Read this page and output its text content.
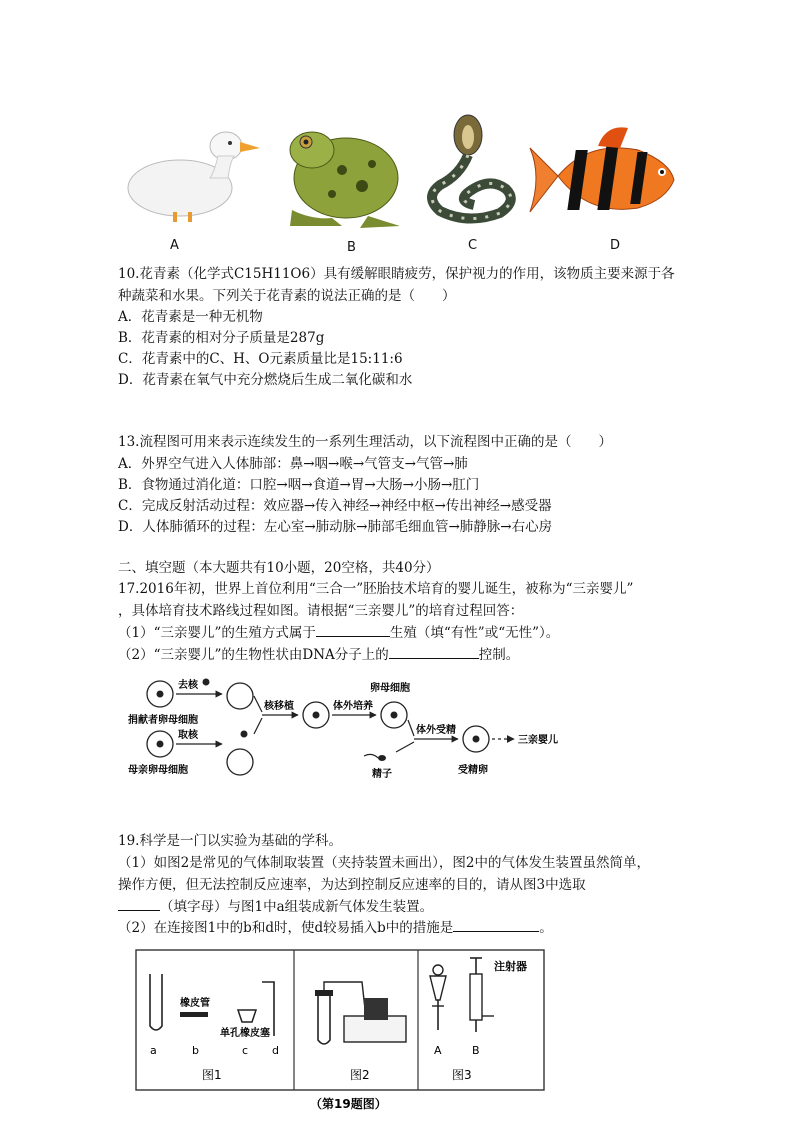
A	B	C	D
10.花青素（化学式C15H11O6）具有缓解眼睛疲劳，保护视力的作用，该物质主要来源于各
种蔬菜和水果。下列关于花青素的说法正确的是（　　）
A．花青素是一种无机物
B．花青素的相对分子质量是287g
C．花青素中的C、H、O元素质量比是15:11:6
D．花青素在氧气中充分燃烧后生成二氧化碳和水
13.流程图可用来表示连续发生的一系列生理活动，以下流程图中正确的是（　　）
A．外界空气进入人体肺部：鼻→咽→喉→气管支→气管→肺
B．食物通过消化道：口腔→咽→食道→胃→大肠→小肠→肛门
C．完成反射活动过程：效应器→传入神经→神经中枢→传出神经→感受器
D．人体肺循环的过程：左心室→肺动脉→肺部毛细血管→肺静脉→右心房
二、填空题（本大题共有10小题，20空格，共40分）
17.2016年初，世界上首位利用“三合一”胚胎技术培育的婴儿诞生，被称为“三亲婴儿”
，具体培育技术路线过程如图。请根据“三亲婴儿”的培育过程回答：
（1）“三亲婴儿”的生殖方式属于	生殖（填“有性”或“无性”）。
（2）“三亲婴儿”的生物性状由DNA分子上的	控制。
去核
捐献者卵母细胞
取核
母亲卵母细胞
核移植	体外培养
卵母细胞
体外受精
精子	受精卵
三亲婴儿
19.科学是一门以实验为基础的学科。
（1）如图2是常见的气体制取装置（夹持装置未画出），图2中的气体发生装置虽然简单，
操作方便，但无法控制反应速率，为达到控制反应速率的目的，请从图3中选取
（填字母）与图1中a组装成新气体发生装置。
（2）在连接图1中的b和d时，使d较易插入b中的措施是	。
橡皮管
单孔橡皮塞
a	b	c d
图1	图2
注射器
A	B
图3
（第19题图）
